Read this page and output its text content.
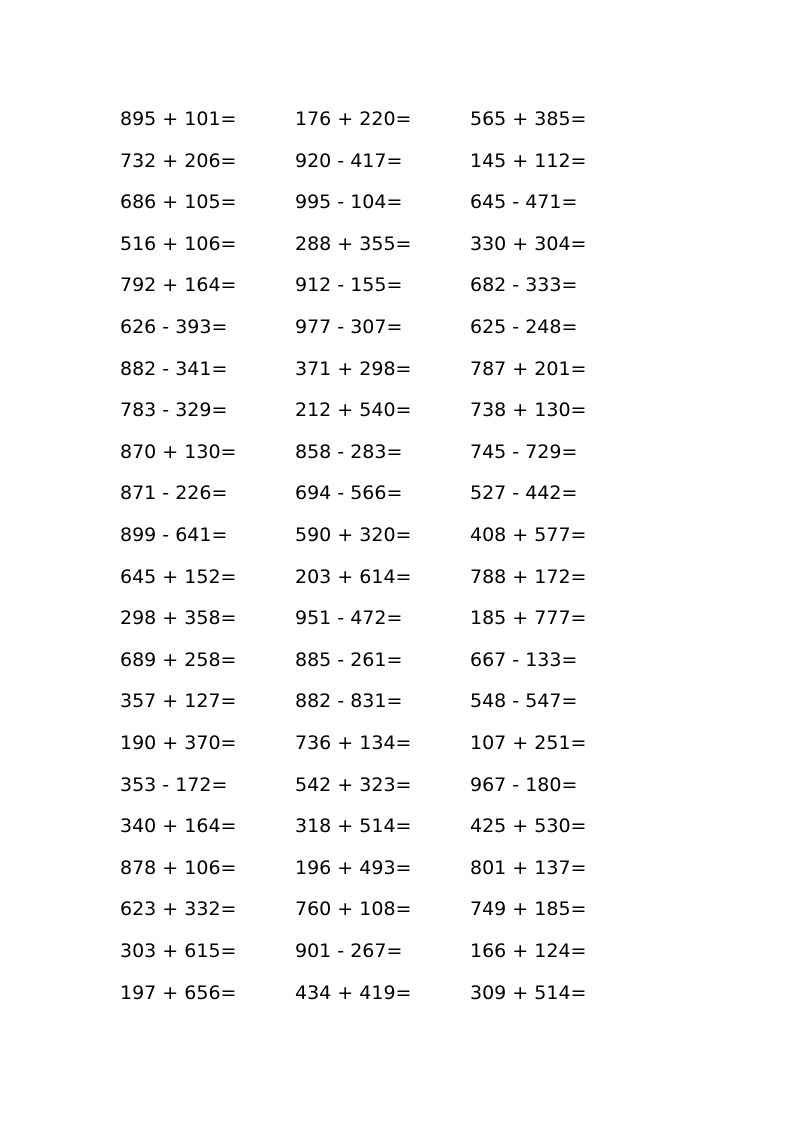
895 + 101=	176 + 220=	565 + 385=
732 + 206=	920 - 417=	145 + 112=
686 + 105=	995 - 104=	645 - 471=
516 + 106=	288 + 355=	330 + 304=
792 + 164=	912 - 155=	682 - 333=
626 - 393=	977 - 307=	625 - 248=
882 - 341=	371 + 298=	787 + 201=
783 - 329=	212 + 540=	738 + 130=
870 + 130=	858 - 283=	745 - 729=
871 - 226=	694 - 566=	527 - 442=
899 - 641=	590 + 320=	408 + 577=
645 + 152=	203 + 614=	788 + 172=
298 + 358=	951 - 472=	185 + 777=
689 + 258=	885 - 261=	667 - 133=
357 + 127=	882 - 831=	548 - 547=
190 + 370=	736 + 134=	107 + 251=
353 - 172=	542 + 323=	967 - 180=
340 + 164=	318 + 514=	425 + 530=
878 + 106=	196 + 493=	801 + 137=
623 + 332=	760 + 108=	749 + 185=
303 + 615=	901 - 267=	166 + 124=
197 + 656=	434 + 419=	309 + 514=
